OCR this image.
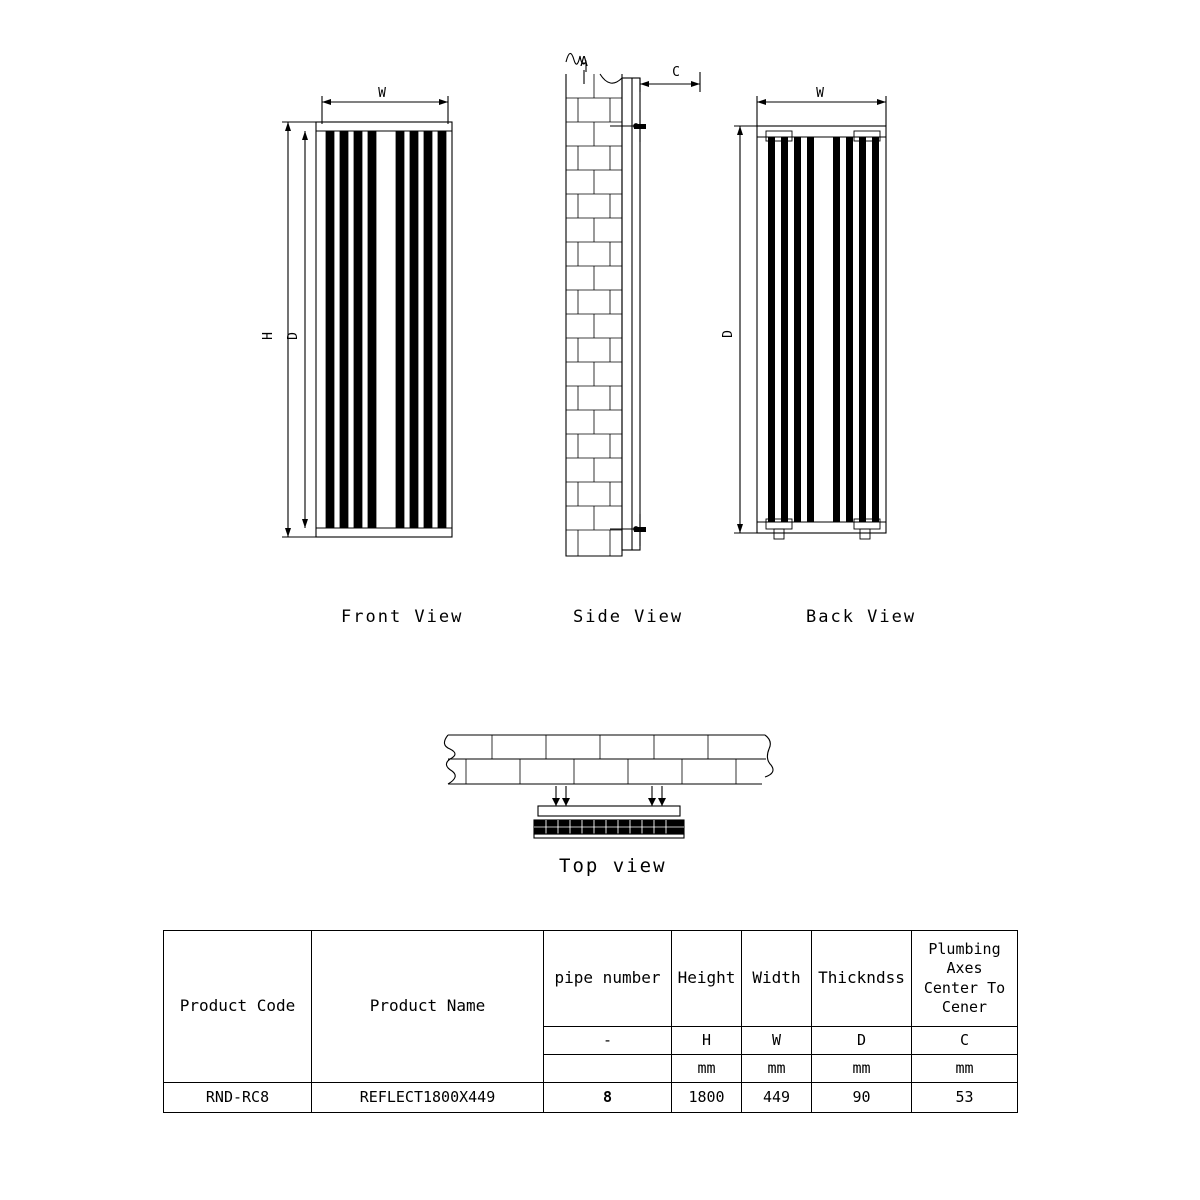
W
H D
A
C
W
D
Front View	Side View	Back View
Top view
Product Code	Product Name	pipe number	Height	Width	Thickndss	Plumbing
Axes
Center To
Cener

		-	H	W	D	C
			mm	mm	mm	mm
RND-RC8	REFLECT1800X449	8	1800	449	90	53
